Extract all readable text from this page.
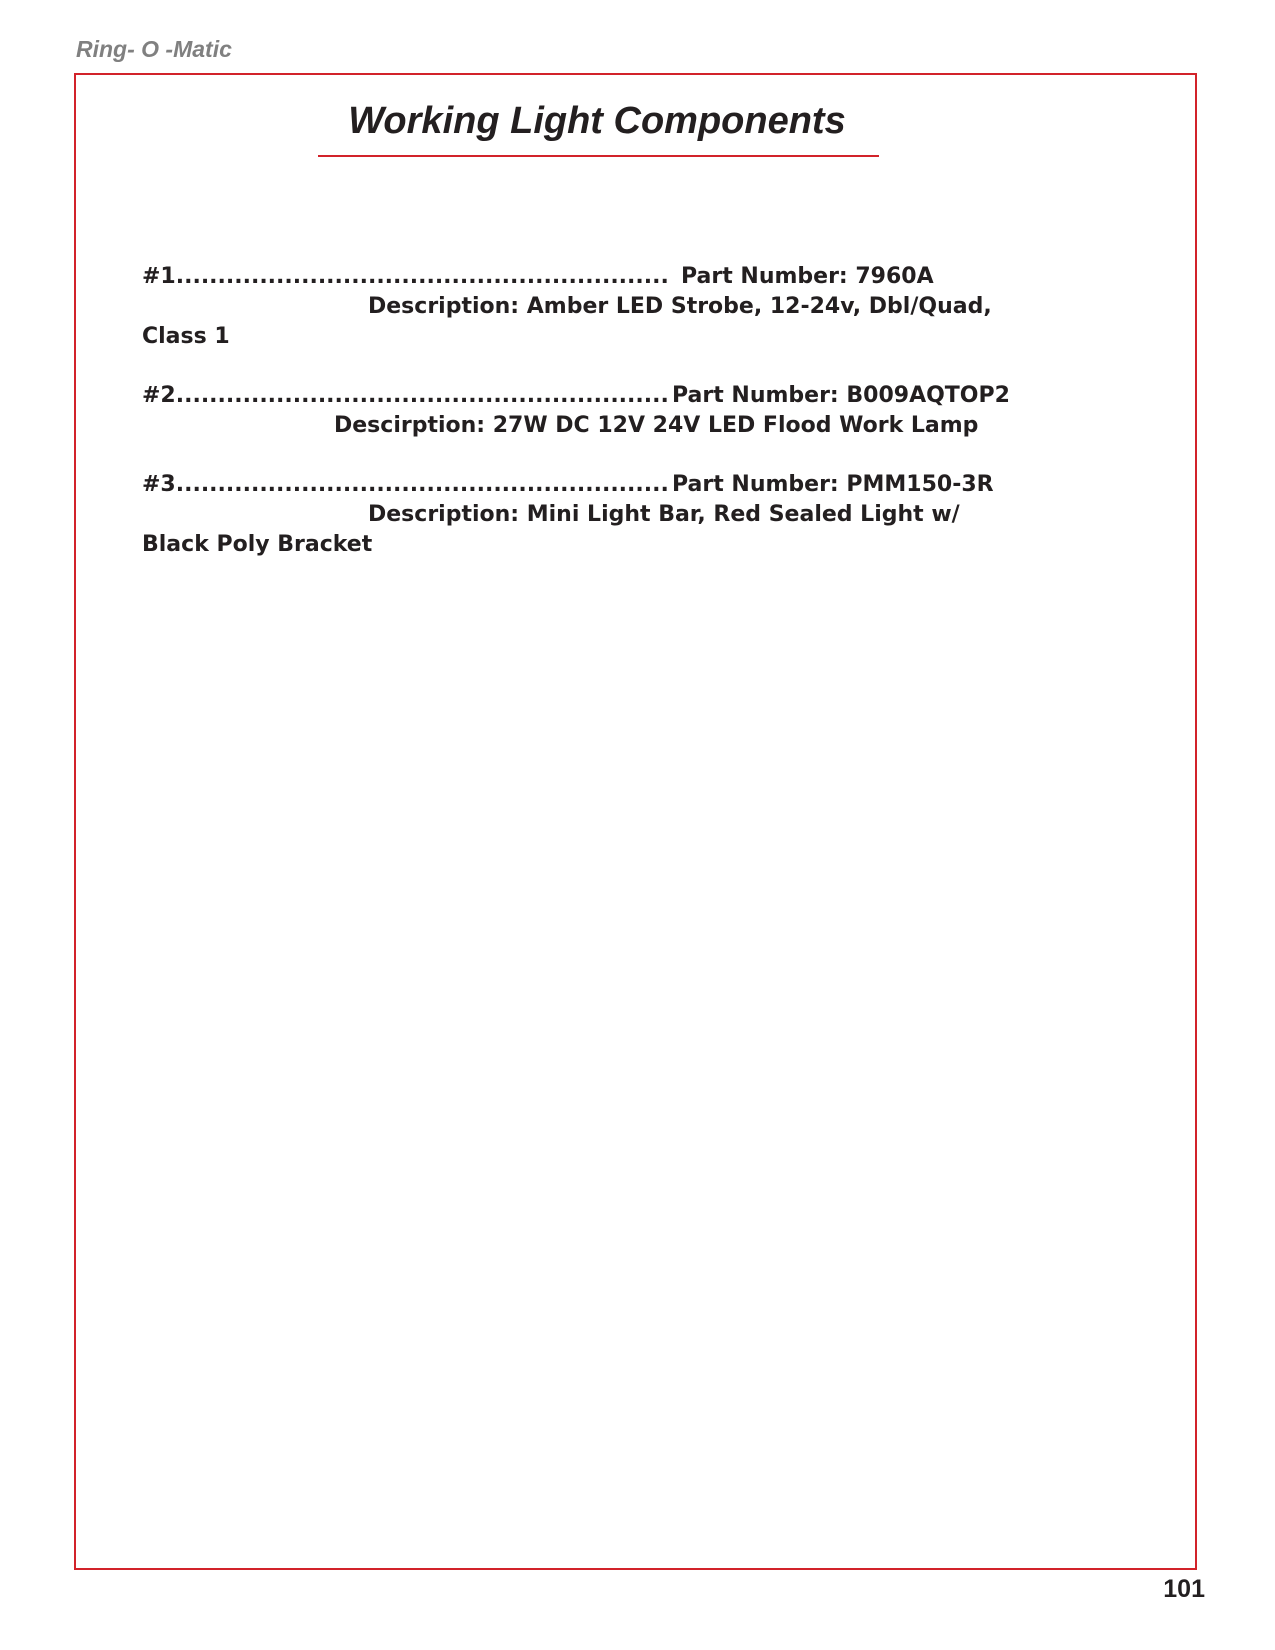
Ring- O -Matic
Working Light Components
#1........................................................... Part Number: 7960A
Description: Amber LED Strobe, 12-24v, Dbl/Quad,
Class 1
#2........................................................... Part Number: B009AQTOP2
Descirption: 27W DC 12V 24V LED Flood Work Lamp
#3........................................................... Part Number: PMM150-3R
Description: Mini Light Bar, Red Sealed Light w/
Black Poly Bracket
101
